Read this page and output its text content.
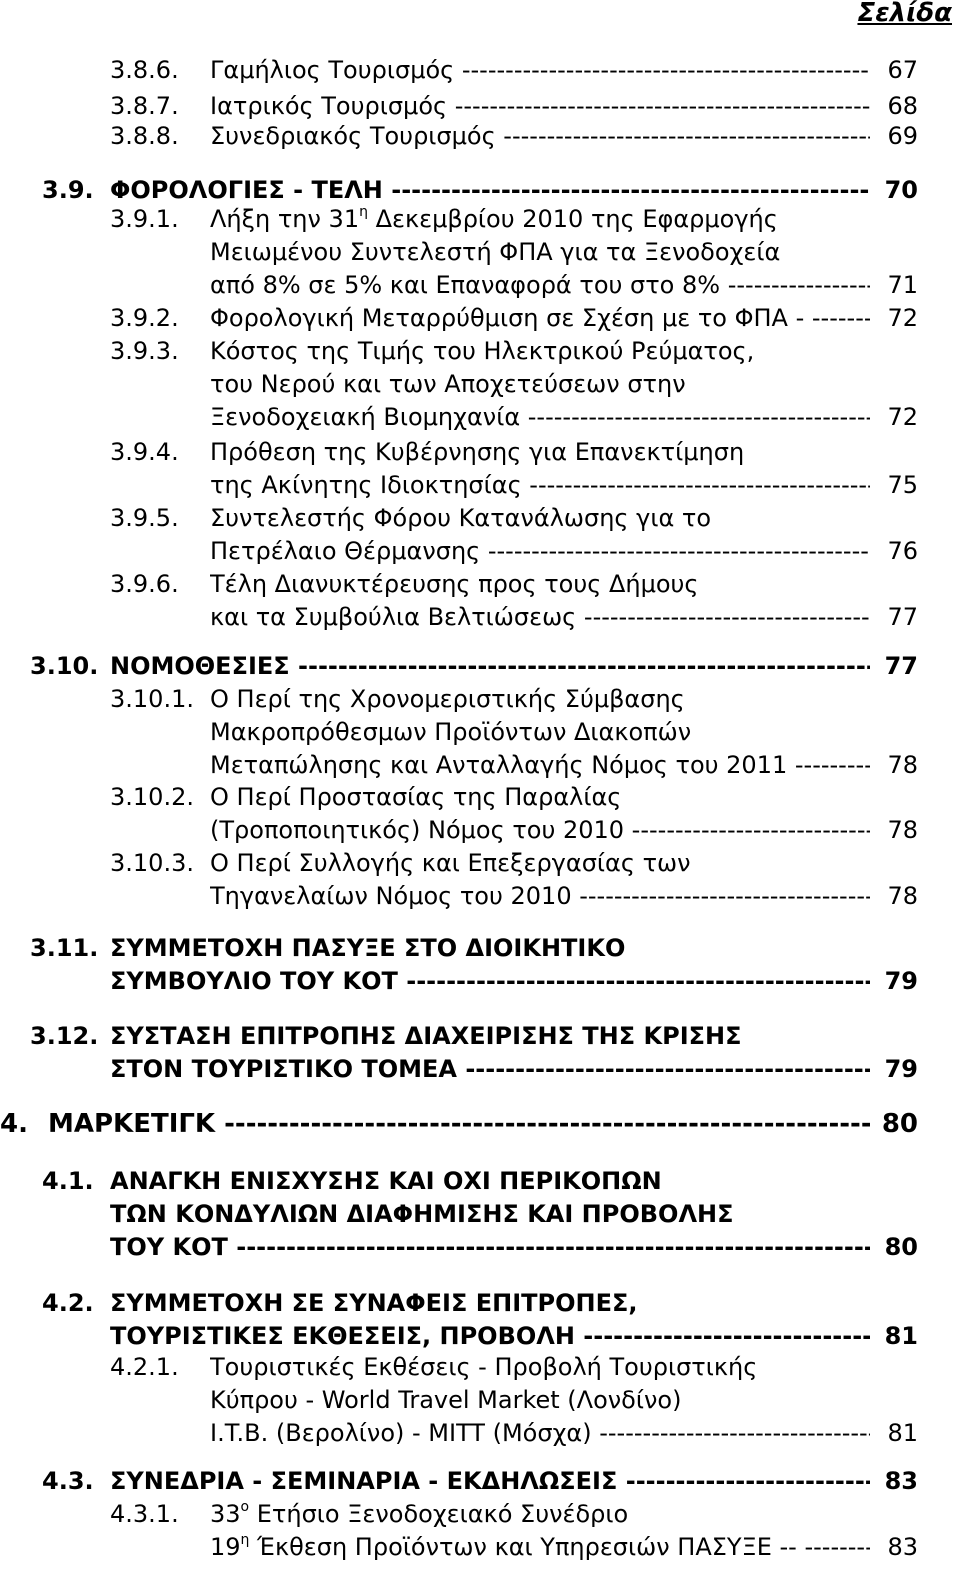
Σελίδα
3.8.6. Γαμήλιος Τουρισμός -----	67
3.8.7. Ιατρικός Τουρισμός -----	68
3.8.8. Συνεδριακός Τουρισμός -----	69
3.9. ΦΟΡΟΛΟΓΙΕΣ - ΤΕΛΗ -----	70
3.9.1. Λήξη την $31^\eta$ Δεκεμβρίου 2010 της Εφαρμογής
Μειωμένου Συντελεστή ΦΠΑ για τα Ξενοδοχεία
από 8% σε 5% και Επαναφορά του στο 8% -----	71
3.9.2. Φορολογική Μεταρρύθμιση σε Σχέση με το ΦΠΑ - -----	72
3.9.3. Κόστος της Τιμής του Ηλεκτρικού Ρεύματος,
του Νερού και των Αποχετεύσεων στην
Ξενοδοχειακή Βιομηχανία -----	72
3.9.4. Πρόθεση της Κυβέρνησης για Επανεκτίμηση
της Ακίνητης Ιδιοκτησίας -----	75
3.9.5. Συντελεστής Φόρου Κατανάλωσης για το
Πετρέλαιο Θέρμανσης -----	76
3.9.6. Τέλη Διανυκτέρευσης προς τους Δήμους
και τα Συμβούλια Βελτιώσεως -----	77
3.10. ΝΟΜΟΘΕΣΙΕΣ -----	77
3.10.1. Ο Περί της Χρονομεριστικής Σύμβασης
Μακροπρόθεσμων Προϊόντων Διακοπών
Μεταπώλησης και Ανταλλαγής Νόμος του 2011 -----	78
3.10.2. Ο Περί Προστασίας της Παραλίας
(Τροποποιητικός) Νόμος του 2010 -----	78
3.10.3. Ο Περί Συλλογής και Επεξεργασίας των
Τηγανελαίων Νόμος του 2010 -----	78
3.11. ΣΥΜΜΕΤΟΧΗ ΠΑΣΥΞΕ ΣΤΟ ΔΙΟΙΚΗΤΙΚΟ
ΣΥΜΒΟΥΛΙΟ ΤΟΥ ΚΟΤ -----	79
3.12. ΣΥΣΤΑΣΗ ΕΠΙΤΡΟΠΗΣ ΔΙΑΧΕΙΡΙΣΗΣ ΤΗΣ ΚΡΙΣΗΣ
ΣΤΟΝ ΤΟΥΡΙΣΤΙΚΟ ΤΟΜΕΑ -----	79
4. ΜΑΡΚΕΤΙΓΚ -----	80
4.1. ΑΝΑΓΚΗ ΕΝΙΣΧΥΣΗΣ ΚΑΙ ΟΧΙ ΠΕΡΙΚΟΠΩΝ
ΤΩΝ ΚΟΝΔΥΛΙΩΝ ΔΙΑΦΗΜΙΣΗΣ ΚΑΙ ΠΡΟΒΟΛΗΣ
ΤΟΥ ΚΟΤ -----	80
4.2. ΣΥΜΜΕΤΟΧΗ ΣΕ ΣΥΝΑΦΕΙΣ ΕΠΙΤΡΟΠΕΣ,
ΤΟΥΡΙΣΤΙΚΕΣ ΕΚΘΕΣΕΙΣ, ΠΡΟΒΟΛΗ -----	81
4.2.1. Τουριστικές Εκθέσεις - Προβολή Τουριστικής
Κύπρου - World Travel Market (Λονδίνο)
I.T.B. (Βερολίνο) - MITT (Μόσχα) -----	81
4.3. ΣΥΝΕΔΡΙΑ - ΣΕΜΙΝΑΡΙΑ - ΕΚΔΗΛΩΣΕΙΣ -----	83
4.3.1. $33^o$ Ετήσιο Ξενοδοχειακό Συνέδριο
$19^\eta$ Έκθεση Προϊόντων και Υπηρεσιών ΠΑΣΥΞΕ -- -----	83
